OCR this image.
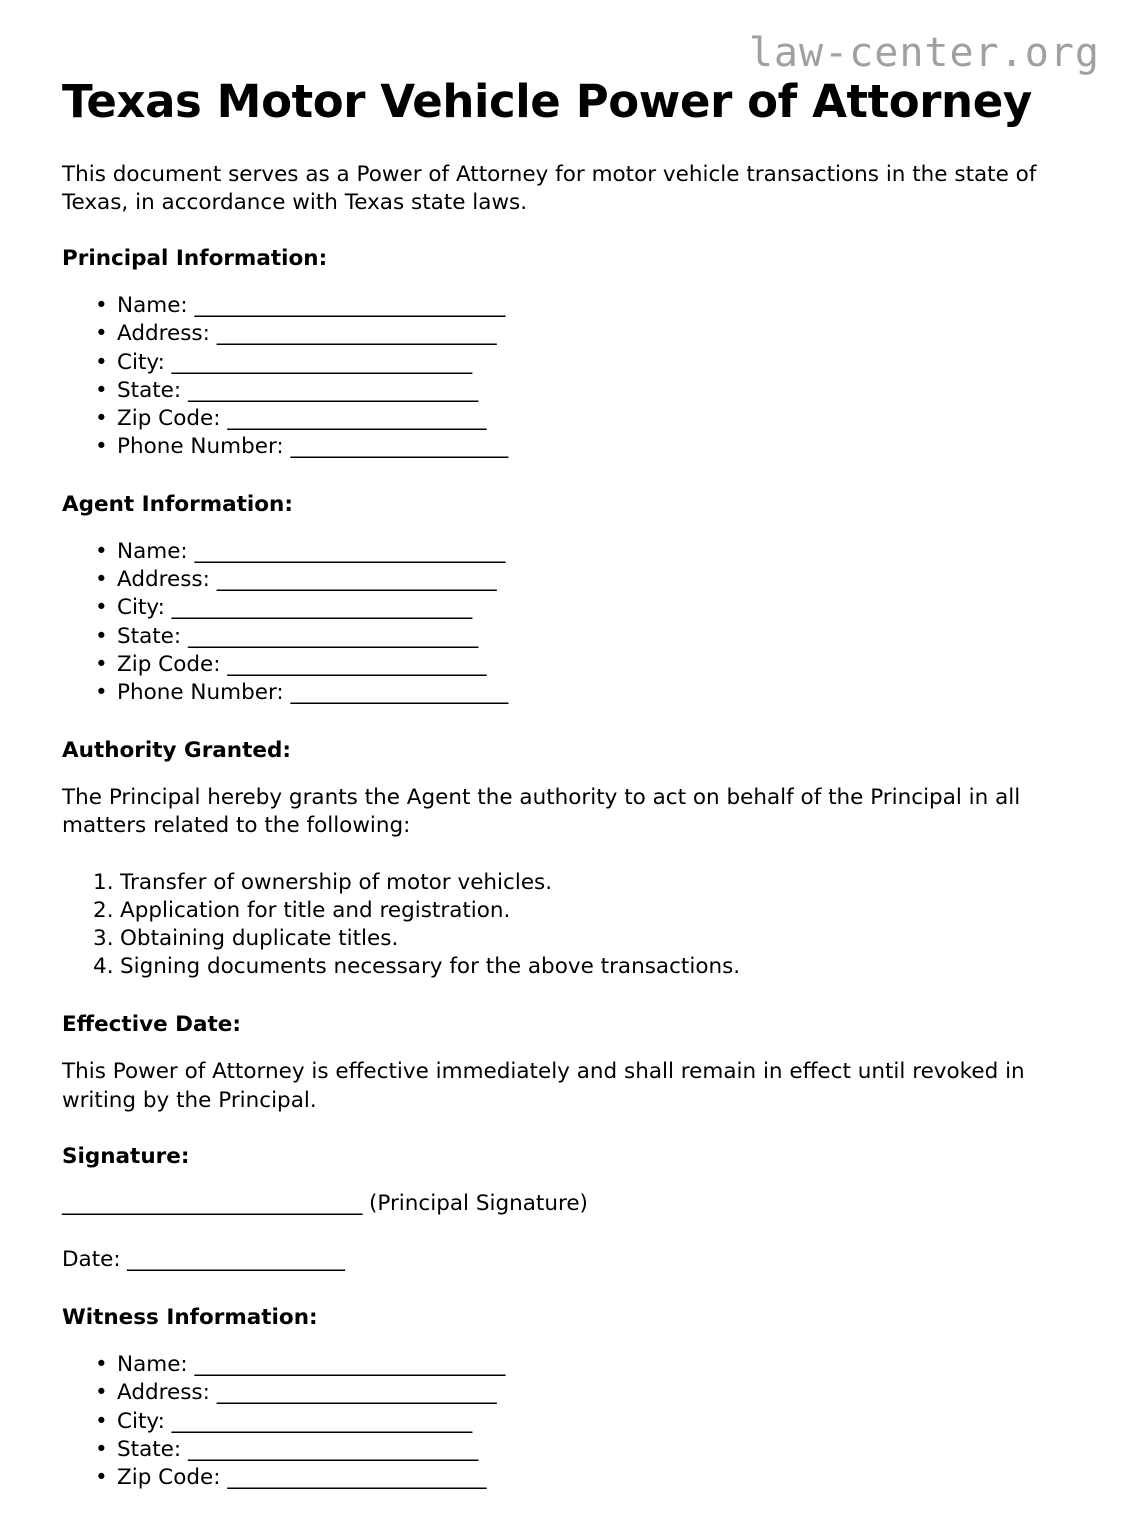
law-center.org
Texas Motor Vehicle Power of Attorney

This document serves as a Power of Attorney for motor vehicle transactions in the state of Texas, in accordance with Texas state laws.

Principal Information:
• Name: ______________________________
• Address: ___________________________
• City: _____________________________
• State: ____________________________
• Zip Code: _________________________
• Phone Number: _____________________
Agent Information:
• Name: ______________________________
• Address: ___________________________
• City: _____________________________
• State: ____________________________
• Zip Code: _________________________
• Phone Number: _____________________
Authority Granted:

The Principal hereby grants the Agent the authority to act on behalf of the Principal in all matters related to the following:

Transfer of ownership of motor vehicles.
Application for title and registration.
Obtaining duplicate titles.
Signing documents necessary for the above transactions.
Effective Date:

This Power of Attorney is effective immediately and shall remain in effect until revoked in writing by the Principal.

Signature:
_____________________________ (Principal Signature)
Date: _____________________
Witness Information:
• Name: ______________________________
• Address: ___________________________
• City: _____________________________
• State: ____________________________
• Zip Code: _________________________
